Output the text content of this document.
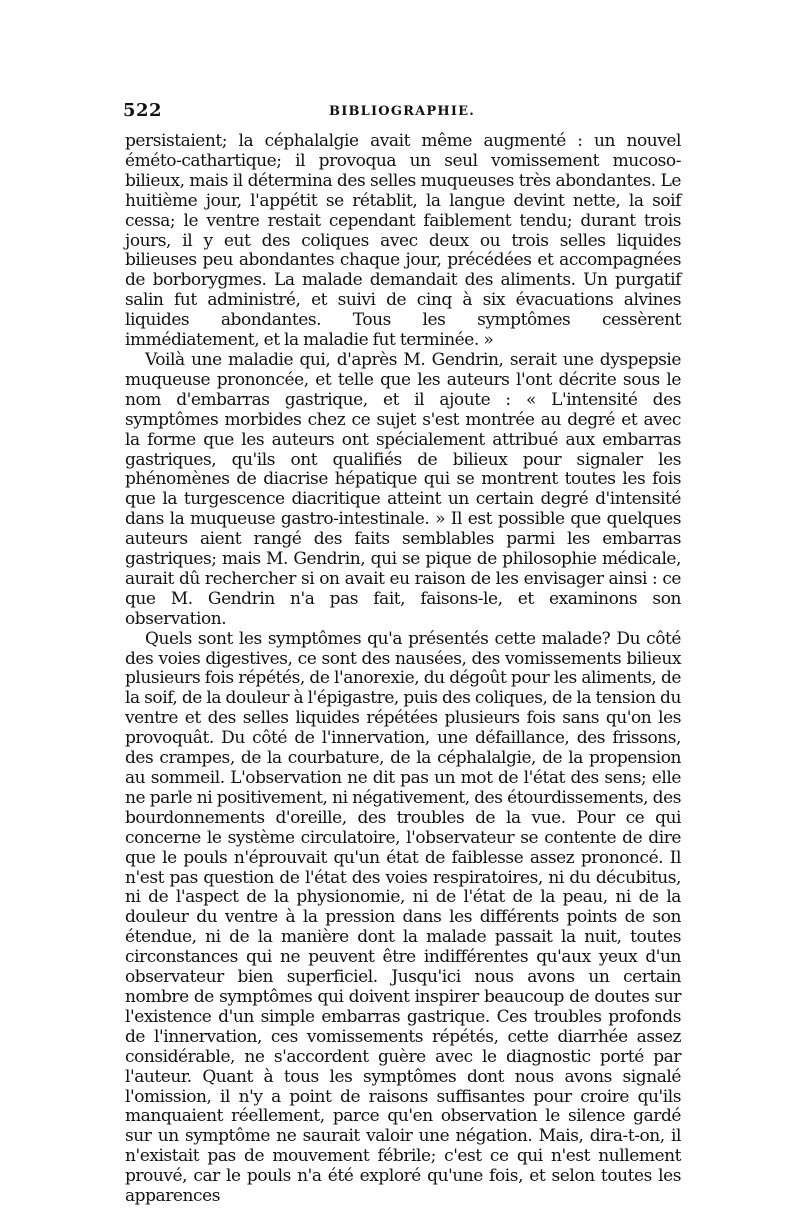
522	BIBLIOGRAPHIE.

persistaient; la céphalalgie avait même augmenté : un nouvel éméto-cathartique; il provoqua un seul vomissement mucoso-bilieux, mais il détermina des selles muqueuses très abondantes. Le huitième jour, l'appétit se rétablit, la langue devint nette, la soif cessa; le ventre restait cependant faiblement tendu; durant trois jours, il y eut des coliques avec deux ou trois selles liquides bilieuses peu abondantes chaque jour, précédées et accompagnées de borborygmes. La malade demandait des aliments. Un purgatif salin fut administré, et suivi de cinq à six évacuations alvines liquides abondantes. Tous les symptômes cessèrent immédiatement, et la maladie fut terminée. »

Voilà une maladie qui, d'après M. Gendrin, serait une dyspepsie muqueuse prononcée, et telle que les auteurs l'ont décrite sous le nom d'embarras gastrique, et il ajoute : « L'intensité des symptômes morbides chez ce sujet s'est montrée au degré et avec la forme que les auteurs ont spécialement attribué aux embarras gastriques, qu'ils ont qualifiés de bilieux pour signaler les phénomènes de diacrise hépatique qui se montrent toutes les fois que la turgescence diacritique atteint un certain degré d'intensité dans la muqueuse gastro-intestinale. » Il est possible que quelques auteurs aient rangé des faits semblables parmi les embarras gastriques; mais M. Gendrin, qui se pique de philosophie médicale, aurait dû rechercher si on avait eu raison de les envisager ainsi : ce que M. Gendrin n'a pas fait, faisons-le, et examinons son observation.

Quels sont les symptômes qu'a présentés cette malade? Du côté des voies digestives, ce sont des nausées, des vomissements bilieux plusieurs fois répétés, de l'anorexie, du dégoût pour les aliments, de la soif, de la douleur à l'épigastre, puis des coliques, de la tension du ventre et des selles liquides répétées plusieurs fois sans qu'on les provoquât. Du côté de l'innervation, une défaillance, des frissons, des crampes, de la courbature, de la céphalalgie, de la propension au sommeil. L'observation ne dit pas un mot de l'état des sens; elle ne parle ni positivement, ni négativement, des étourdissements, des bourdonnements d'oreille, des troubles de la vue. Pour ce qui concerne le système circulatoire, l'observateur se contente de dire que le pouls n'éprouvait qu'un état de faiblesse assez prononcé. Il n'est pas question de l'état des voies respiratoires, ni du décubitus, ni de l'aspect de la physionomie, ni de l'état de la peau, ni de la douleur du ventre à la pression dans les différents points de son étendue, ni de la manière dont la malade passait la nuit, toutes circonstances qui ne peuvent être indifférentes qu'aux yeux d'un observateur bien superficiel. Jusqu'ici nous avons un certain nombre de symptômes qui doivent inspirer beaucoup de doutes sur l'existence d'un simple embarras gastrique. Ces troubles profonds de l'innervation, ces vomissements répétés, cette diarrhée assez considérable, ne s'accordent guère avec le diagnostic porté par l'auteur. Quant à tous les symptômes dont nous avons signalé l'omission, il n'y a point de raisons suffisantes pour croire qu'ils manquaient réellement, parce qu'en observation le silence gardé sur un symptôme ne saurait valoir une négation. Mais, dira-t-on, il n'existait pas de mouvement fébrile; c'est ce qui n'est nullement prouvé, car le pouls n'a été exploré qu'une fois, et selon toutes les apparences
